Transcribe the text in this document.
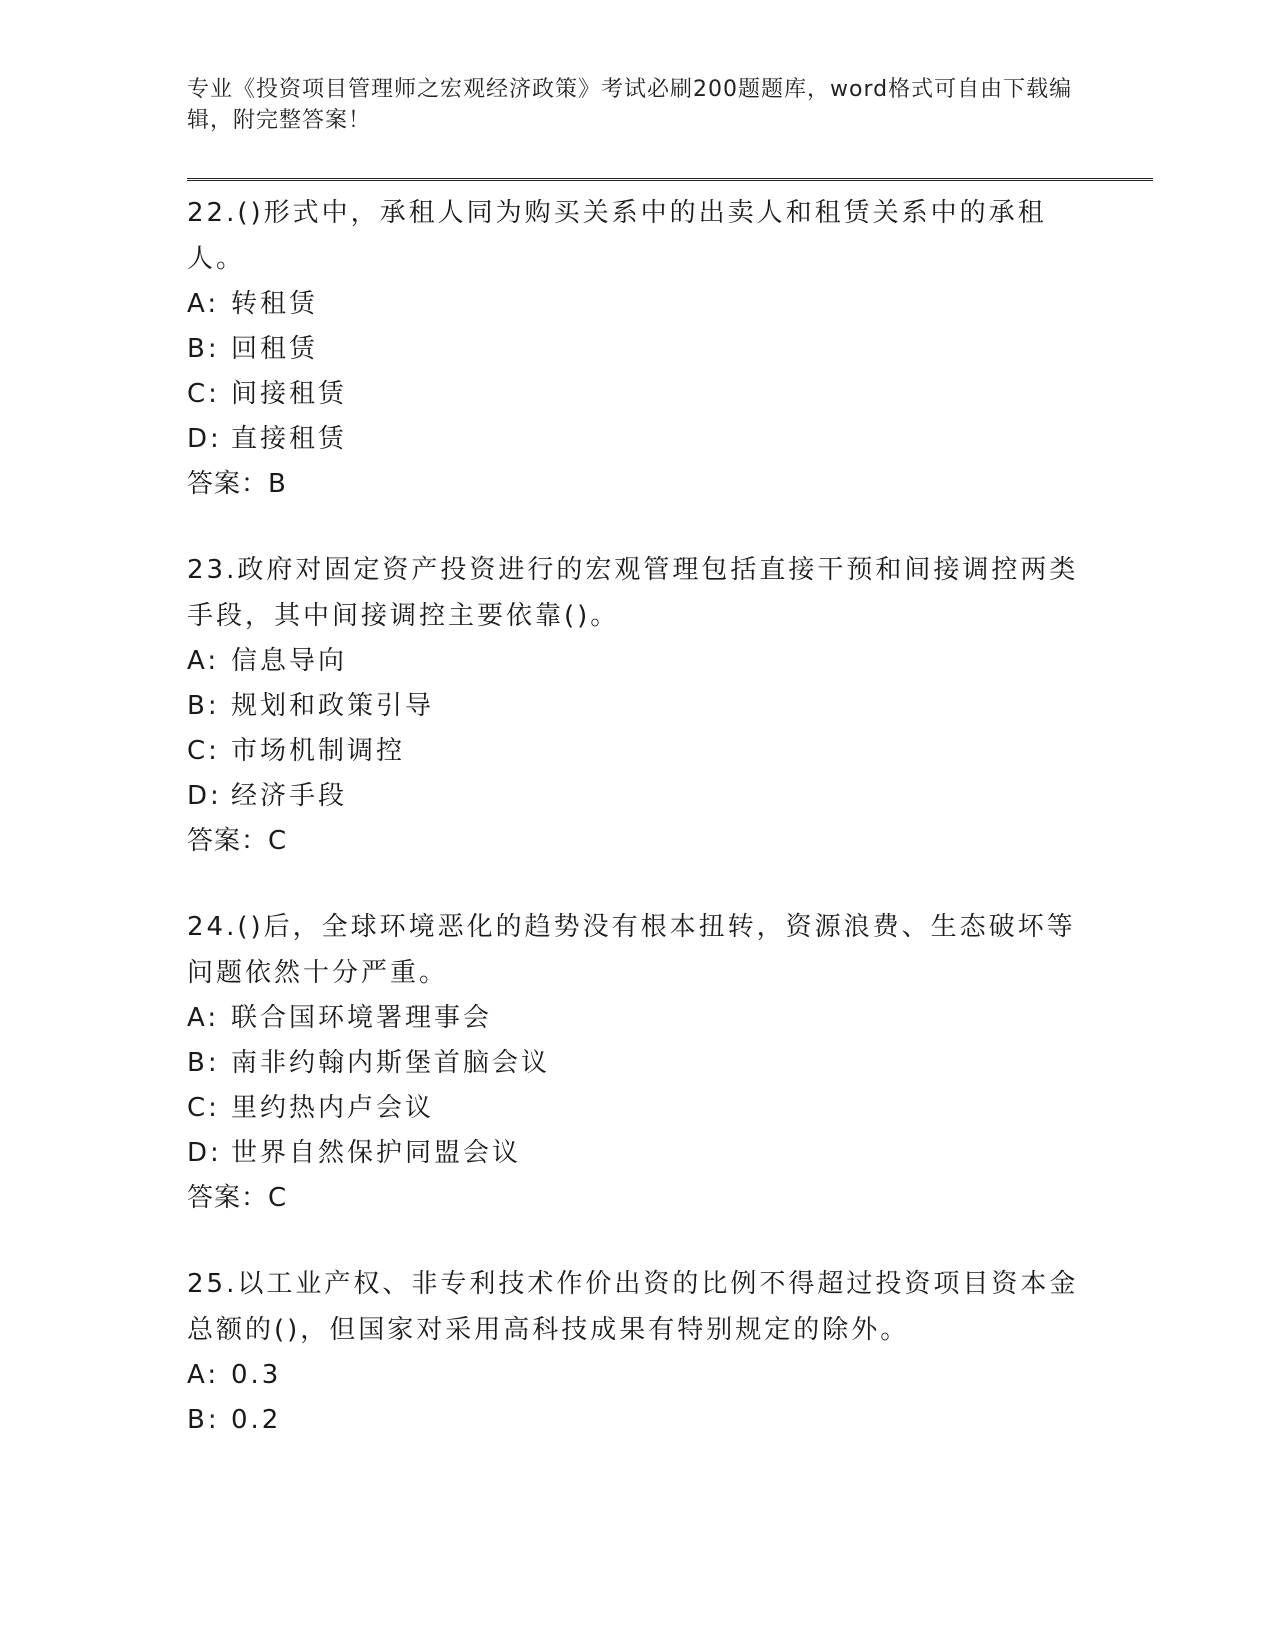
专业《投资项目管理师之宏观经济政策》考试必刷200题题库，word格式可自由下载编辑，附完整答案！
22.()形式中，承租人同为购买关系中的出卖人和租赁关系中的承租人。
A: 转租赁
B: 回租赁
C: 间接租赁
D: 直接租赁
答案：B
23.政府对固定资产投资进行的宏观管理包括直接干预和间接调控两类手段，其中间接调控主要依靠()。
A: 信息导向
B: 规划和政策引导
C: 市场机制调控
D: 经济手段
答案：C
24.()后，全球环境恶化的趋势没有根本扭转，资源浪费、生态破坏等问题依然十分严重。
A: 联合国环境署理事会
B: 南非约翰内斯堡首脑会议
C: 里约热内卢会议
D: 世界自然保护同盟会议
答案：C
25.以工业产权、非专利技术作价出资的比例不得超过投资项目资本金总额的()，但国家对采用高科技成果有特别规定的除外。
A: 0.3
B: 0.2
